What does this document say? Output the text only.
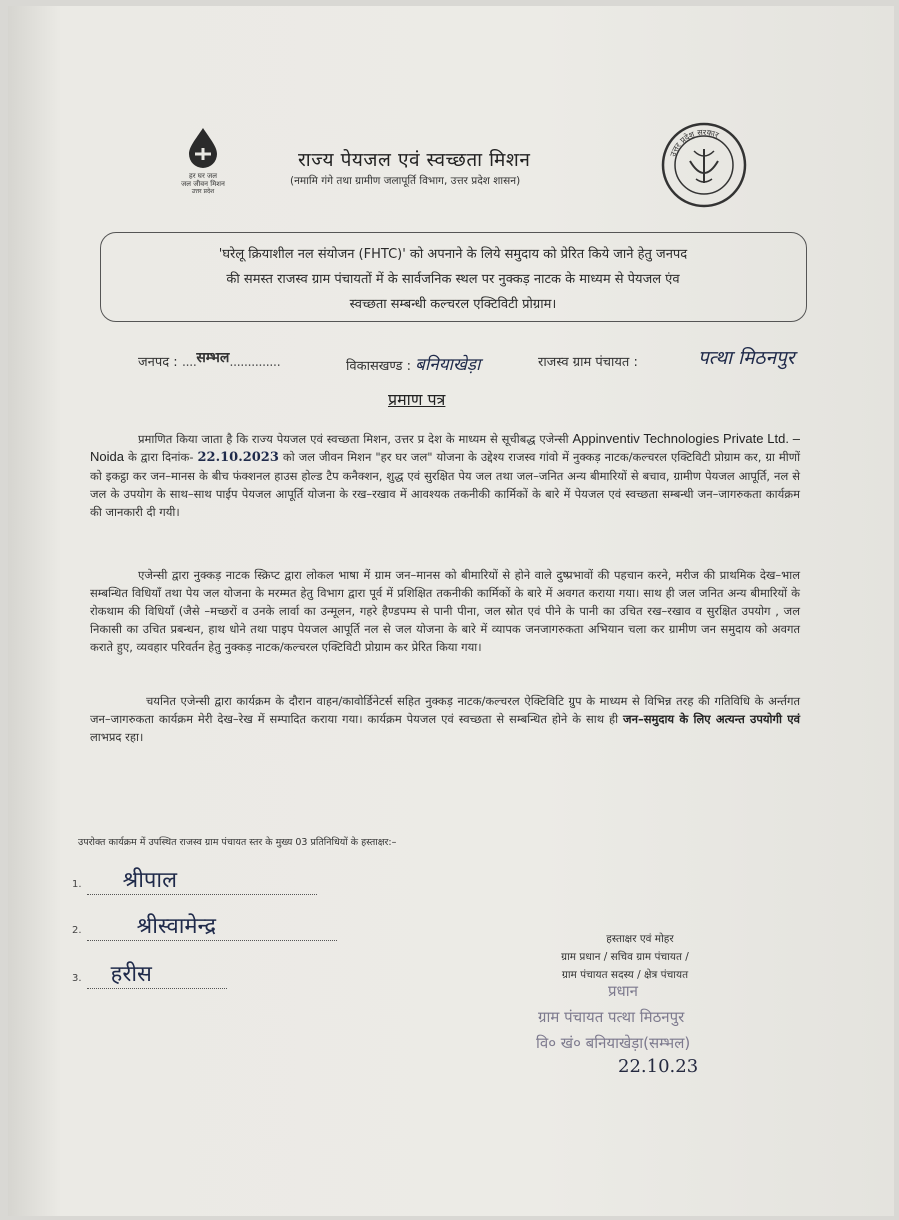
हर घर जल
जल जीवन मिशन
उत्तर प्रदेश
राज्य पेयजल एवं स्वच्छता मिशन
(नमामि गंगे तथा ग्रामीण जलापूर्ति विभाग, उत्तर प्रदेश शासन)
उत्तर प्रदेश सरकार
'घरेलू क्रियाशील नल संयोजन (FHTC)' को अपनाने के लिये समुदाय को प्रेरित किये जाने हेतु जनपद
की समस्त राजस्व ग्राम पंचायतों में के सार्वजनिक स्थल पर नुक्कड़ नाटक के माध्यम से पेयजल एंव
स्वच्छता सम्बन्धी कल्चरल एक्टिविटी प्रोग्राम।
जनपद : ....सम्भल..............	विकासखण्ड : बनियाखेड़ा	राजस्व ग्राम पंचायत :	पत्था मिठनपुर
प्रमाण पत्र
प्रमाणित किया जाता है कि राज्य पेयजल एवं स्वच्छता मिशन, उत्तर प्र देश के माध्यम से सूचीबद्ध एजेन्सी Appinventiv Technologies Private Ltd. – Noida के द्वारा दिनांक- 22.10.2023 को जल जीवन मिशन "हर घर जल" योजना के उद्देश्य राजस्व गांवो में नुक्कड़ नाटक/कल्चरल एक्टिविटी प्रोग्राम कर, ग्रा मीणों को इकट्ठा कर जन–मानस के बीच फंक्शनल हाउस होल्ड टैप कनैक्शन, शुद्ध एवं सुरक्षित पेय जल तथा जल–जनित अन्य बीमारियों से बचाव, ग्रामीण पेयजल आपूर्ति, नल से जल के उपयोग के साथ–साथ पाईप पेयजल आपूर्ति योजना के रख–रखाव में आवश्यक तकनीकी कार्मिकों के बारे में पेयजल एवं स्वच्छता सम्बन्धी जन–जागरुकता कार्यक्रम की जानकारी दी गयी।
एजेन्सी द्वारा नुक्कड़ नाटक स्क्रिप्ट द्वारा लोकल भाषा में ग्राम जन–मानस को बीमारियों से होने वाले दुष्प्रभावों की पहचान करने, मरीज की प्राथमिक देख–भाल सम्बन्धित विधियाँ तथा पेय जल योजना के मरम्मत हेतु विभाग द्वारा पूर्व में प्रशिक्षित तकनीकी कार्मिकों के बारे में अवगत कराया गया। साथ ही जल जनित अन्य बीमारियों के रोकथाम की विधियाँ (जैसे –मच्छरों व उनके लार्वा का उन्मूलन, गहरे हैण्डपम्प से पानी पीना, जल स्रोत एवं पीने के पानी का उचित रख–रखाव व सुरक्षित उपयोग , जल निकासी का उचित प्रबन्धन, हाथ धोने तथा पाइप पेयजल आपूर्ति नल से जल योजना के बारे में व्यापक जनजागरुकता अभियान चला कर ग्रामीण जन समुदाय को अवगत कराते हुए, व्यवहार परिवर्तन हेतु नुक्कड़ नाटक/कल्चरल एक्टिविटी प्रोग्राम कर प्रेरित किया गया।
चयनित एजेन्सी द्वारा कार्यक्रम के दौरान वाहन/कावोर्डिनेटर्स सहित नुक्कड़ नाटक/कल्चरल ऐक्टिविटि ग्रुप के माध्यम से विभिन्न तरह की गतिविधि के अर्न्तगत जन–जागरुकता कार्यक्रम मेरी देख–रेख में सम्पादित कराया गया। कार्यक्रम पेयजल एवं स्वच्छता से सम्बन्धित होने के साथ ही जन–समुदाय के लिए अत्यन्त उपयोगी एवं लाभप्रद रहा।
उपरोक्त कार्यक्रम में उपस्थित राजस्व ग्राम पंचायत स्तर के मुख्य 03 प्रतिनिधियों के हस्ताक्षर:–
1. श्रीपाल
2.	श्रीस्वामेन्द्र
3. हरीस
हस्ताक्षर एवं मोहर
ग्राम प्रधान / सचिव ग्राम पंचायत /
ग्राम पंचायत सदस्य / क्षेत्र पंचायत
प्रधान
ग्राम पंचायत पत्था मिठनपुर
वि० खं० बनियाखेड़ा(सम्भल)
22.10.23
